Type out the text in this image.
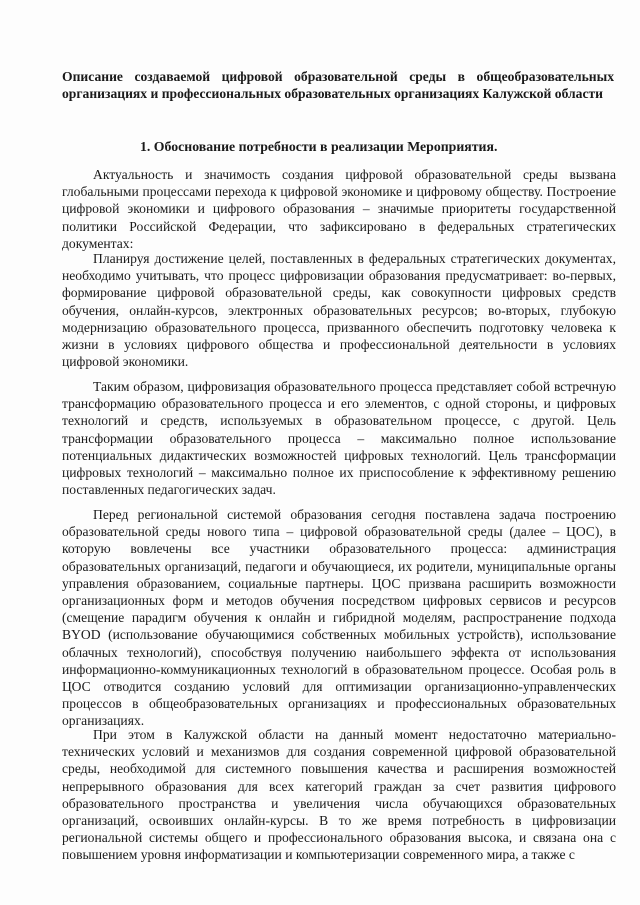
Описание создаваемой цифровой образовательной среды в общеобразовательных организациях и профессиональных образовательных организациях Калужской области

1. Обоснование потребности в реализации Мероприятия.

Актуальность и значимость создания цифровой образовательной среды вызвана глобальными процессами перехода к цифровой экономике и цифровому обществу. Построение цифровой экономики и цифрового образования – значимые приоритеты государственной политики Российской Федерации, что зафиксировано в федеральных стратегических документах:

Планируя достижение целей, поставленных в федеральных стратегических документах, необходимо учитывать, что процесс цифровизации образования предусматривает: во-первых, формирование цифровой образовательной среды, как совокупности цифровых средств обучения, онлайн-курсов, электронных образовательных ресурсов; во-вторых, глубокую модернизацию образовательного процесса, призванного обеспечить подготовку человека к жизни в условиях цифрового общества и профессиональной деятельности в условиях цифровой экономики.

Таким образом, цифровизация образовательного процесса представляет собой встречную трансформацию образовательного процесса и его элементов, с одной стороны, и цифровых технологий и средств, используемых в образовательном процессе, с другой. Цель трансформации образовательного процесса – максимально полное использование потенциальных дидактических возможностей цифровых технологий. Цель трансформации цифровых технологий – максимально полное их приспособление к эффективному решению поставленных педагогических задач.

Перед региональной системой образования сегодня поставлена задача построению образовательной среды нового типа – цифровой образовательной среды (далее – ЦОС), в которую вовлечены все участники образовательного процесса: администрация образовательных организаций, педагоги и обучающиеся, их родители, муниципальные органы управления образованием, социальные партнеры. ЦОС призвана расширить возможности организационных форм и методов обучения посредством цифровых сервисов и ресурсов (смещение парадигм обучения к онлайн и гибридной моделям, распространение подхода BYOD (использование обучающимися собственных мобильных устройств), использование облачных технологий), способствуя получению наибольшего эффекта от использования информационно-коммуникационных технологий в образовательном процессе. Особая роль в ЦОС отводится созданию условий для оптимизации организационно-управленческих процессов в общеобразовательных организациях и профессиональных образовательных организациях.

При этом в Калужской области на данный момент недостаточно материально-технических условий и механизмов для создания современной цифровой образовательной среды, необходимой для системного повышения качества и расширения возможностей непрерывного образования для всех категорий граждан за счет развития цифрового образовательного пространства и увеличения числа обучающихся образовательных организаций, освоивших онлайн-курсы. В то же время потребность в цифровизации региональной системы общего и профессионального образования высока, и связана она с повышением уровня информатизации и компьютеризации современного мира, а также с
